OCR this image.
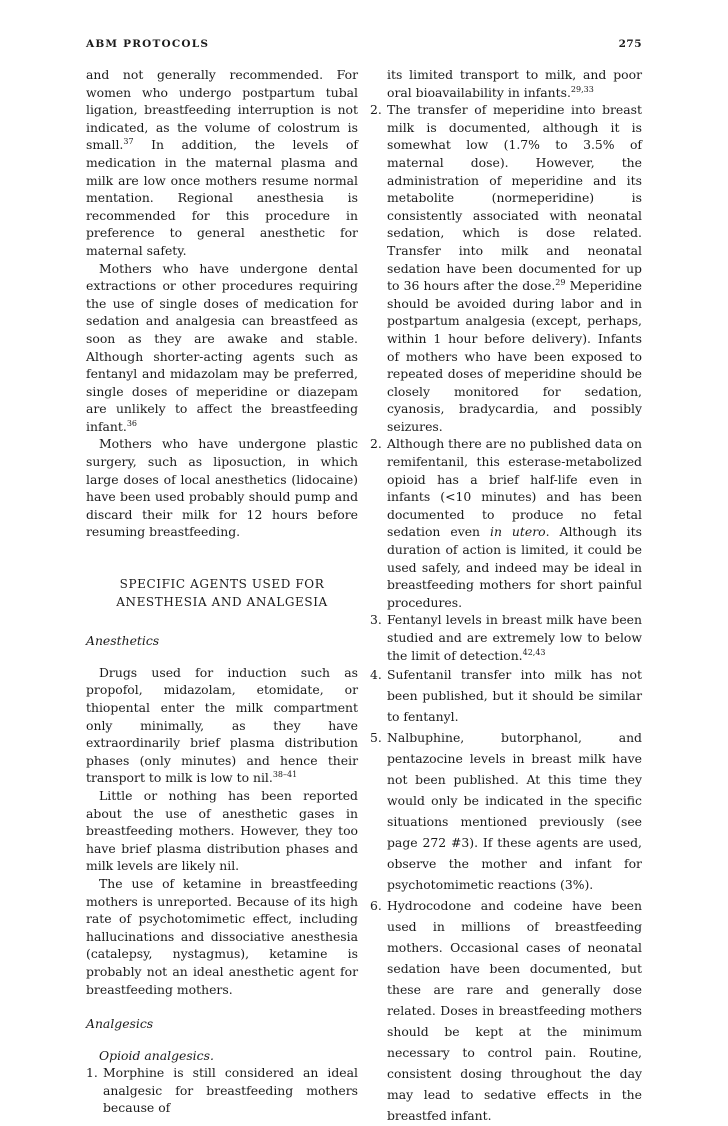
ABM PROTOCOLS	275

and not generally recommended. For women who undergo postpartum tubal ligation, breastfeeding interruption is not indicated, as the volume of colostrum is small.$^{37}$ In addition, the levels of medication in the maternal plasma and milk are low once mothers resume normal mentation. Regional anesthesia is recommended for this procedure in preference to general anesthetic for maternal safety.

Mothers who have undergone dental extractions or other procedures requiring the use of single doses of medication for sedation and analgesia can breastfeed as soon as they are awake and stable. Although shorter-acting agents such as fentanyl and midazolam may be preferred, single doses of meperidine or diazepam are unlikely to affect the breastfeeding infant.$^{36}$

Mothers who have undergone plastic surgery, such as liposuction, in which large doses of local anesthetics (lidocaine) have been used probably should pump and discard their milk for 12 hours before resuming breastfeeding.

SPECIFIC AGENTS USED FOR
ANESTHESIA AND ANALGESIA

Anesthetics

Drugs used for induction such as propofol, midazolam, etomidate, or thiopental enter the milk compartment only minimally, as they have extraordinarily brief plasma distribution phases (only minutes) and hence their transport to milk is low to nil.$^{38-41}$

Little or nothing has been reported about the use of anesthetic gases in breastfeeding mothers. However, they too have brief plasma distribution phases and milk levels are likely nil.

The use of ketamine in breastfeeding mothers is unreported. Because of its high rate of psychotomimetic effect, including hallucinations and dissociative anesthesia (catalepsy, nystagmus), ketamine is probably not an ideal anesthetic agent for breastfeeding mothers.

Analgesics

Opioid analgesics.

1. Morphine is still considered an ideal analgesic for breastfeeding mothers because of

its limited transport to milk, and poor oral bioavailability in infants.$^{29,33}$

2. The transfer of meperidine into breast milk is documented, although it is somewhat low (1.7% to 3.5% of maternal dose). However, the administration of meperidine and its metabolite (normeperidine) is consistently associated with neonatal sedation, which is dose related. Transfer into milk and neonatal sedation have been documented for up to 36 hours after the dose.$^{29}$ Meperidine should be avoided during labor and in postpartum analgesia (except, perhaps, within 1 hour before delivery). Infants of mothers who have been exposed to repeated doses of meperidine should be closely monitored for sedation, cyanosis, bradycardia, and possibly seizures.
2. Although there are no published data on remifentanil, this esterase-metabolized opioid has a brief half-life even in infants (<10 minutes) and has been documented to produce no fetal sedation even in utero. Although its duration of action is limited, it could be used safely, and indeed may be ideal in breastfeeding mothers for short painful procedures.
3. Fentanyl levels in breast milk have been studied and are extremely low to below the limit of detection.$^{42,43}$
4. Sufentanil transfer into milk has not been published, but it should be similar to fentanyl.
5. Nalbuphine, butorphanol, and pentazocine levels in breast milk have not been published. At this time they would only be indicated in the specific situations mentioned previously (see page 272 #3). If these agents are used, observe the mother and infant for psychotomimetic reactions (3%).
6. Hydrocodone and codeine have been used in millions of breastfeeding mothers. Occasional cases of neonatal sedation have been documented, but these are rare and generally dose related. Doses in breastfeeding mothers should be kept at the minimum necessary to control pain. Routine, consistent dosing throughout the day may lead to sedative effects in the breastfed infant.
